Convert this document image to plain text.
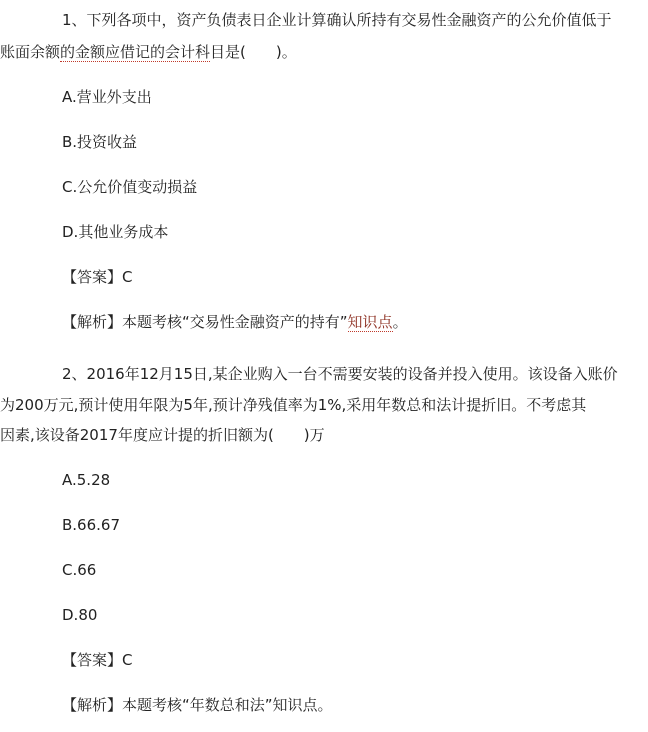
1、下列各项中，资产负债表日企业计算确认所持有交易性金融资产的公允价值低于
账面余额的金额应借记的会计科目是(　　)。
A.营业外支出
B.投资收益
C.公允价值变动损益
D.其他业务成本
【答案】C
【解析】本题考核“交易性金融资产的持有”知识点。
2、2016年12月15日,某企业购入一台不需要安装的设备并投入使用。该设备入账价
为200万元,预计使用年限为5年,预计净残值率为1%,采用年数总和法计提折旧。不考虑其
因素,该设备2017年度应计提的折旧额为(　　)万
A.5.28
B.66.67
C.66
D.80
【答案】C
【解析】本题考核“年数总和法”知识点。
